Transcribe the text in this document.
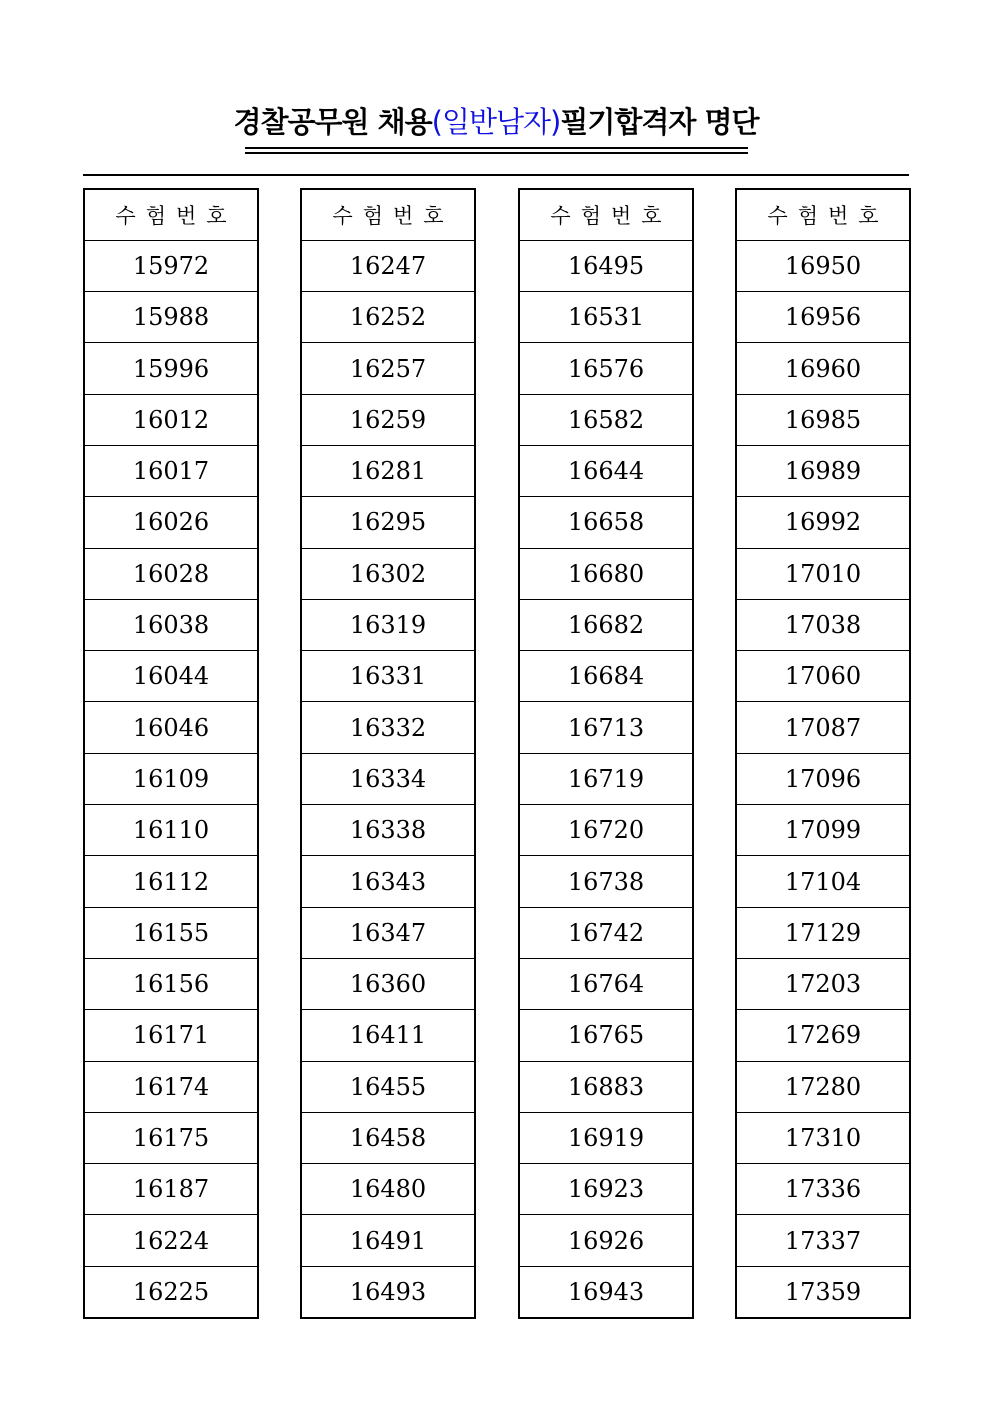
경찰공무원 채용(일반남자)필기합격자 명단
수험번호
15972
15988
15996
16012
16017
16026
16028
16038
16044
16046
16109
16110
16112
16155
16156
16171
16174
16175
16187
16224
16225
수험번호
16247
16252
16257
16259
16281
16295
16302
16319
16331
16332
16334
16338
16343
16347
16360
16411
16455
16458
16480
16491
16493
수험번호
16495
16531
16576
16582
16644
16658
16680
16682
16684
16713
16719
16720
16738
16742
16764
16765
16883
16919
16923
16926
16943
수험번호
16950
16956
16960
16985
16989
16992
17010
17038
17060
17087
17096
17099
17104
17129
17203
17269
17280
17310
17336
17337
17359
